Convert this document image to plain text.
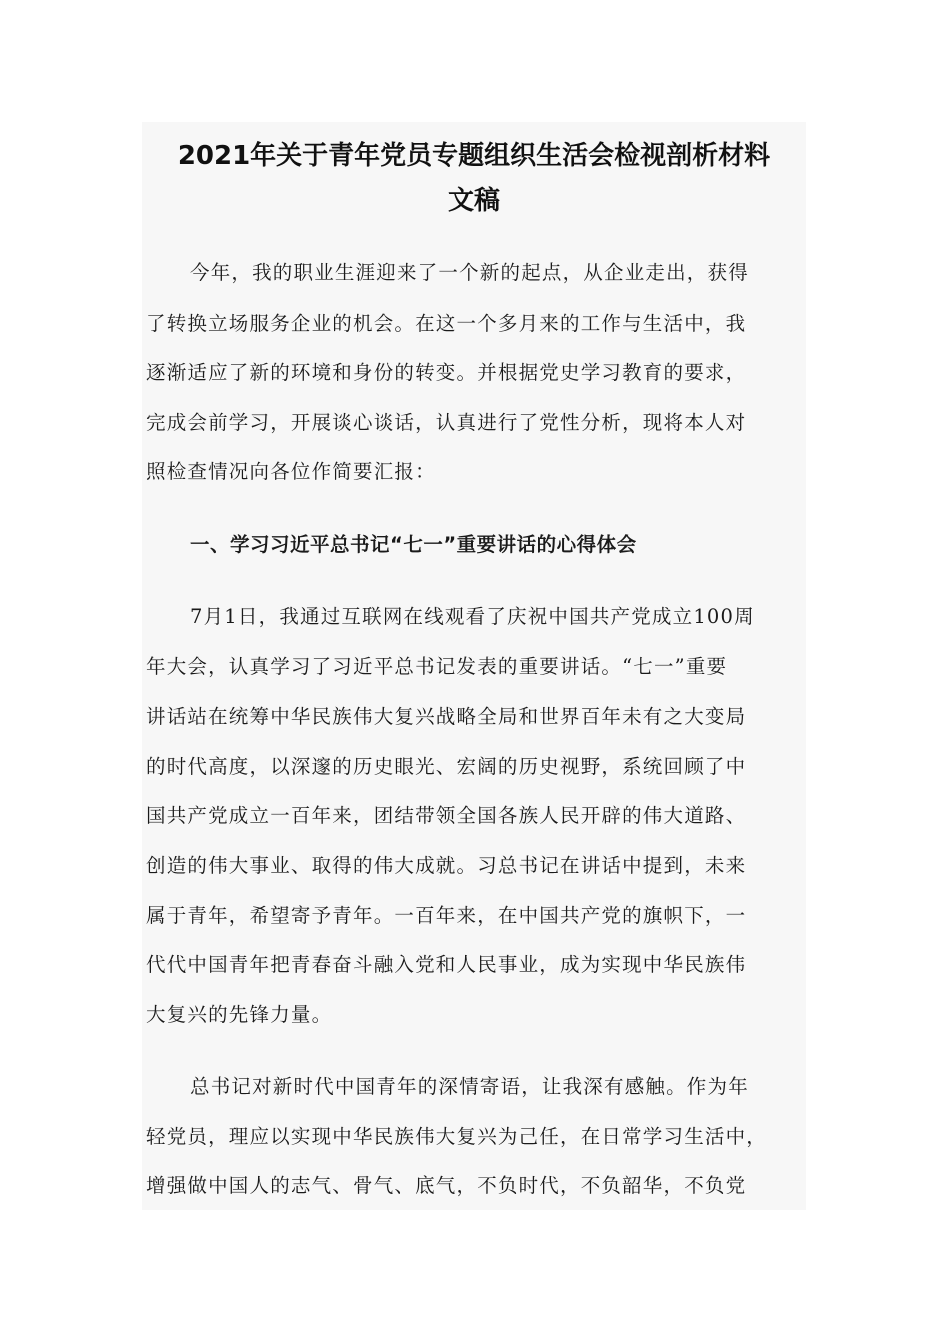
2021年关于青年党员专题组织生活会检视剖析材料
文稿
今年，我的职业生涯迎来了一个新的起点，从企业走出，获得
了转换立场服务企业的机会。在这一个多月来的工作与生活中，我
逐渐适应了新的环境和身份的转变。并根据党史学习教育的要求，
完成会前学习，开展谈心谈话，认真进行了党性分析，现将本人对
照检查情况向各位作简要汇报：
一、学习习近平总书记“七一”重要讲话的心得体会
7月1日，我通过互联网在线观看了庆祝中国共产党成立100周
年大会，认真学习了习近平总书记发表的重要讲话。“七一”重要
讲话站在统筹中华民族伟大复兴战略全局和世界百年未有之大变局
的时代高度，以深邃的历史眼光、宏阔的历史视野，系统回顾了中
国共产党成立一百年来，团结带领全国各族人民开辟的伟大道路、
创造的伟大事业、取得的伟大成就。习总书记在讲话中提到，未来
属于青年，希望寄予青年。一百年来，在中国共产党的旗帜下，一
代代中国青年把青春奋斗融入党和人民事业，成为实现中华民族伟
大复兴的先锋力量。
总书记对新时代中国青年的深情寄语，让我深有感触。作为年
轻党员，理应以实现中华民族伟大复兴为己任，在日常学习生活中，
增强做中国人的志气、骨气、底气，不负时代，不负韶华，不负党
